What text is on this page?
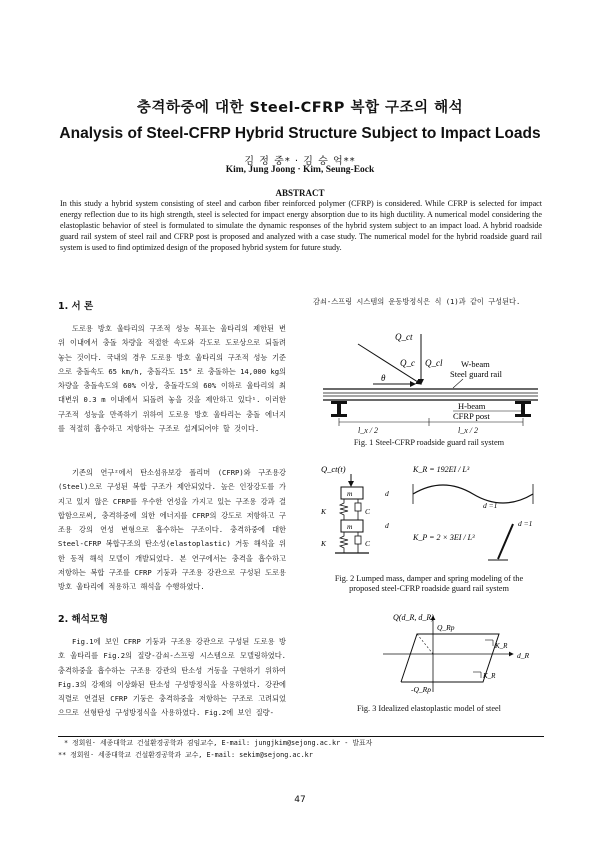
충격하중에 대한 Steel-CFRP 복합 구조의 해석
Analysis of Steel-CFRP Hybrid Structure Subject to Impact Loads
김 정 중* · 김 승 억**
Kim, Jung Joong · Kim, Seung-Eock
ABSTRACT
In this study a hybrid system consisting of steel and carbon fiber reinforced polymer (CFRP) is considered. While CFRP is selected for impact energy reflection due to its high strength, steel is selected for impact energy absorption due to its high ductility. A numerical model considering the elastoplastic behavior of steel is formulated to simulate the dynamic responses of the hybrid system subject to an impact load. A hybrid roadside guard rail system of steel rail and CFRP post is proposed and analyzed with a case study. The numerical model for the hybrid roadside guard rail system is used to find optimized design of the proposed hybrid system for future study.
1. 서 론
도로용 방호 울타리의 구조적 성능 목표는 울타리의 제한된 변위 이내에서 충돌 차량을 적절한 속도와 각도로 도로상으로 되돌려 놓는 것이다. 국내의 경우 도로용 방호 울타리의 구조적 성능 기준으로 충돌속도 65 km/h, 충돌각도 15° 로 충돌하는 14,000 kg의 차량을 충돌속도의 60% 이상, 충돌각도의 60% 이하로 울타리의 최대변위 0.3 m 이내에서 되돌려 놓을 것을 제안하고 있다¹. 이러한 구조적 성능을 만족하기 위하여 도로용 방호 울타리는 충돌 에너지를 적절히 흡수하고 저항하는 구조로 설계되어야 할 것이다.
기존의 연구²에서 탄소섬유보강 폴리머 (CFRP)와 구조용강 (Steel)으로 구성된 복합 구조가 제안되었다. 높은 인장강도를 가지고 있지 않은 CFRP를 우수한 연성을 가지고 있는 구조용 강과 결합함으로써, 충격하중에 의한 에너지를 CFRP의 강도로 저항하고 구조용 강의 연성 변형으로 흡수하는 구조이다. 충격하중에 대한 Steel-CFRP 복합구조의 탄소성(elastoplastic) 거동 해석을 위한 동적 해석 모델이 개발되었다. 본 연구에서는 충격을 흡수하고 저항하는 복합 구조를 CFRP 기둥과 구조용 강관으로 구성된 도로용 방호 울타리에 적용하고 해석을 수행하였다.
2. 해석모형
Fig.1에 보인 CFRP 기둥과 구조용 강관으로 구성된 도로용 방호 울타리를 Fig.2의 질량-감쇠-스프링 시스템으로 모델링하였다. 충격하중을 흡수하는 구조용 강관의 탄소성 거동을 구현하기 위하여 Fig.3의 강재의 이상화된 탄소성 구성방정식을 사용하였다. 강관에 직렬로 연결된 CFRP 기둥은 충격하중을 저항하는 구조로 고려되었으므로 선형탄성 구성방정식을 사용하였다. Fig.2에 보인 질량-
감쇠-스프링 시스템의 운동방정식은 식 (1)과 같이 구성된다.
Q_ct
Q_c Q_cl
θ
W-beam
Steel guard rail
H-beam
CFRP post
l_x / 2	l_x / 2
Fig. 1 Steel-CFRP roadside guard rail system
Q_ct(t)
m
m
K	C
K	C
d
d
K_R = 192EI / L³
d =1
K_P = 2 × 3EI / L³
d =1
Fig. 2 Lumped mass, damper and spring modeling of the
proposed steel-CFRP roadside guard rail system
Q(d_R, d_R)
Q_Rp
-Q_Rp
d_R
K_R
K_R
Fig. 3 Idealized elastoplastic model of steel
* 정회원· 세종대학교 건설환경공학과 겸임교수, E-mail: jungjkim@sejong.ac.kr - 발표자
** 정회원· 세종대학교 건설환경공학과 교수, E-mail: sekim@sejong.ac.kr
47
